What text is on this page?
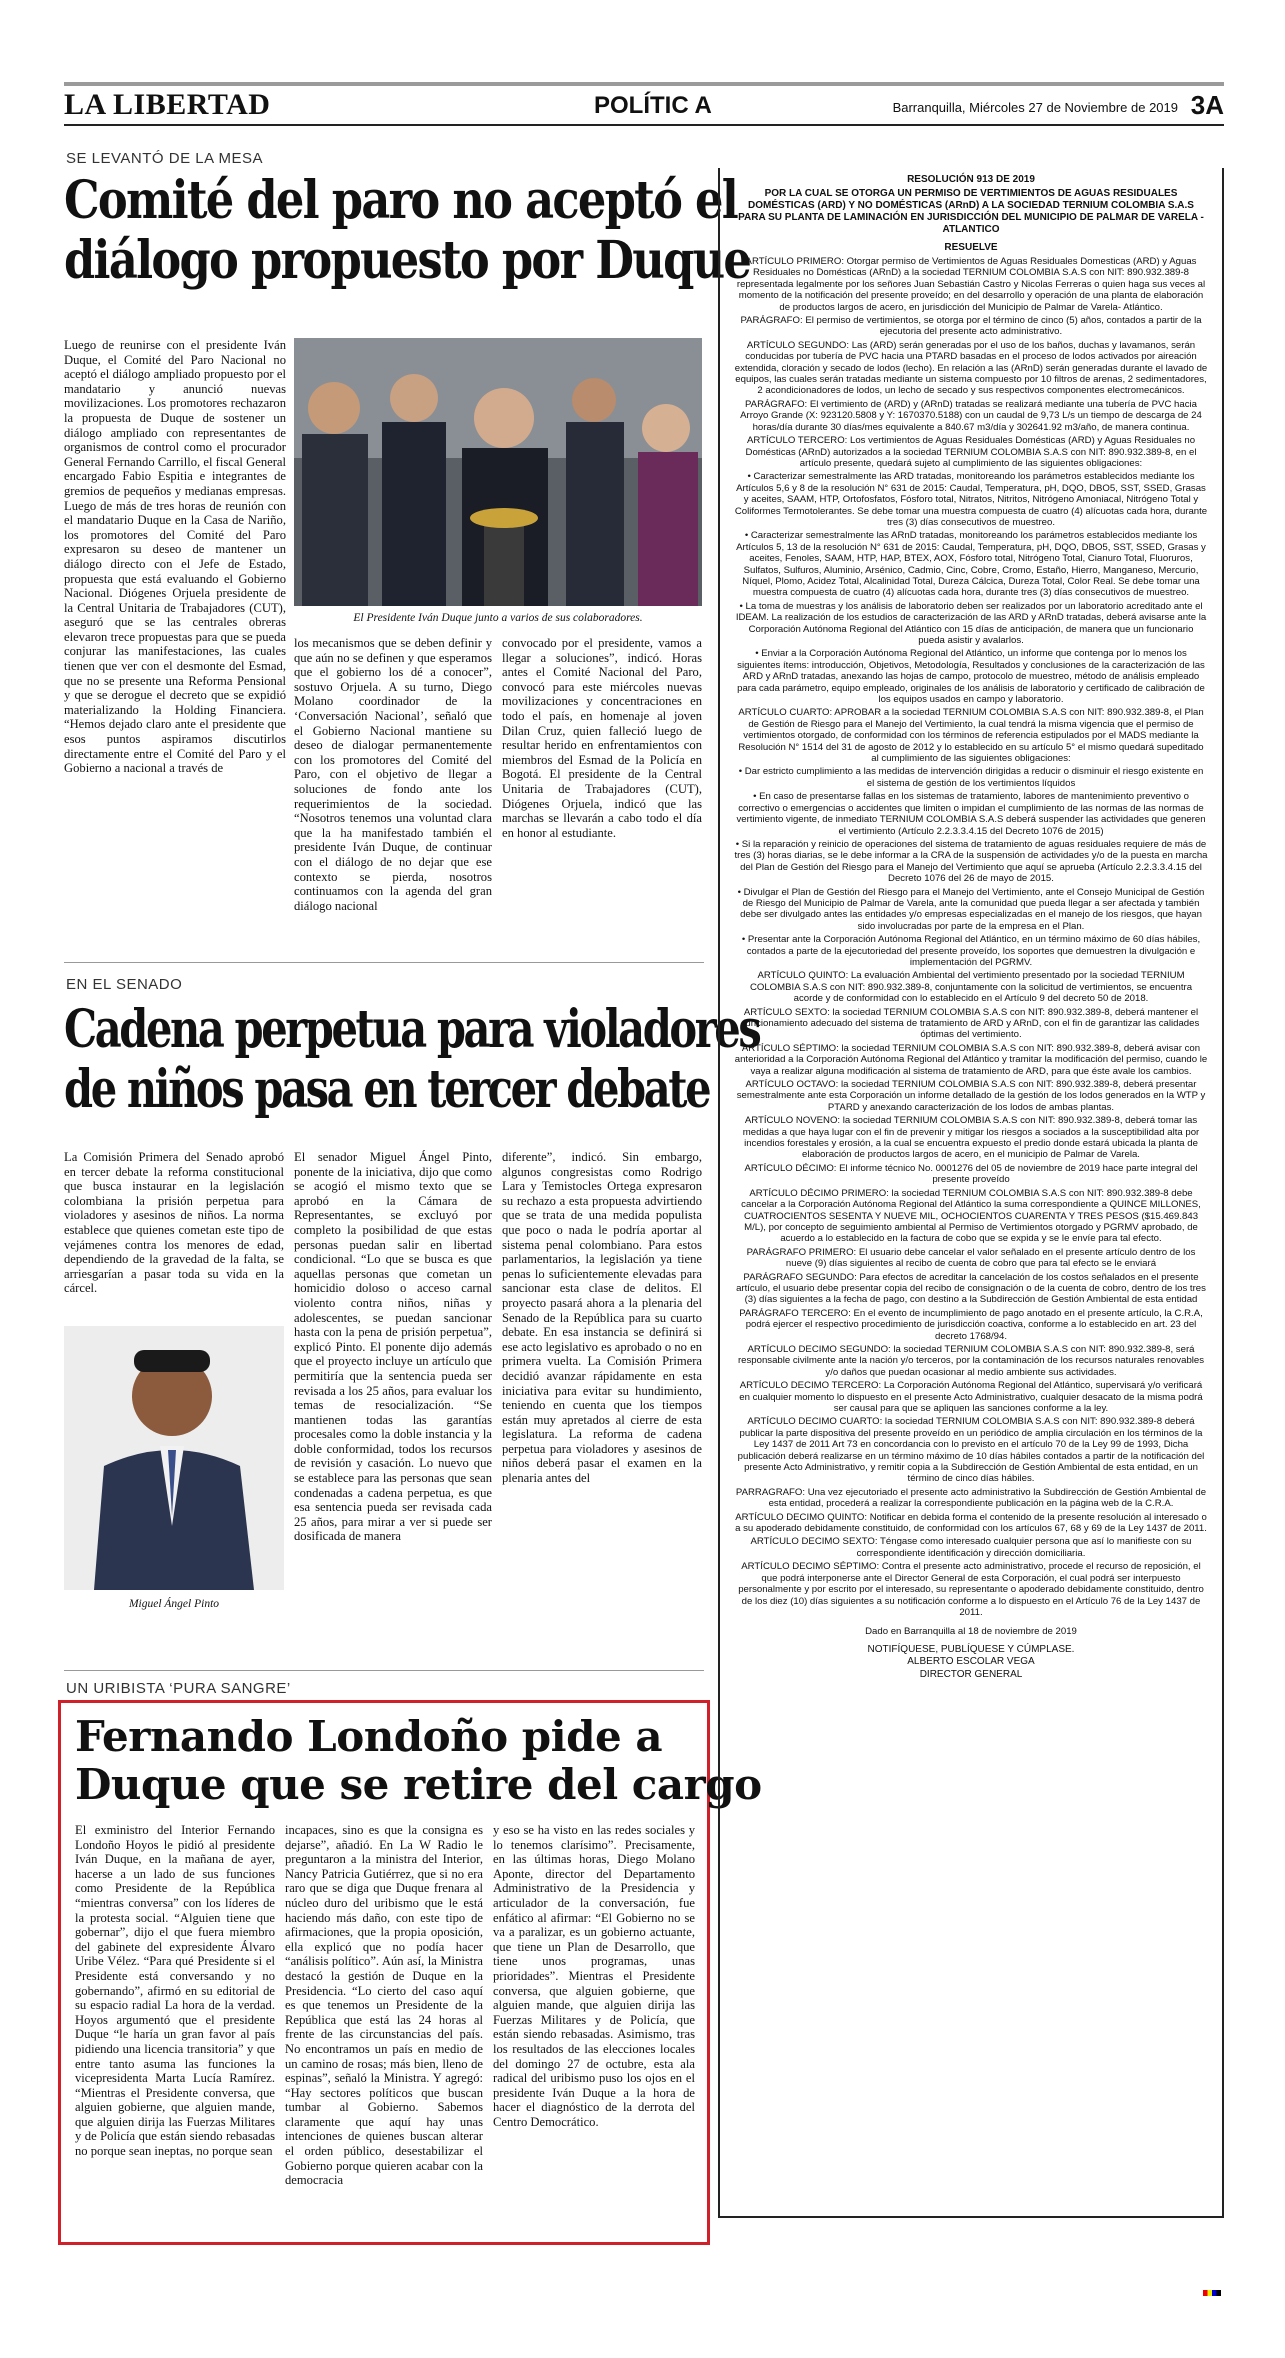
LA LIBERTAD	POLÍTIC A	Barranquilla, Miércoles 27 de Noviembre de 2019 3A
SE LEVANTÓ DE LA MESA
Comité del paro no aceptó el
diálogo propuesto por Duque

Luego de reunirse con el presidente Iván Duque, el Comité del Paro Nacional no aceptó el diálogo ampliado propuesto por el mandatario y anunció nuevas movilizaciones. Los promotores rechazaron la propuesta de Duque de sostener un diálogo ampliado con representantes de organismos de control como el procurador General Fernando Carrillo, el fiscal General encargado Fabio Espitia e integrantes de gremios de pequeños y medianas empresas. Luego de más de tres horas de reunión con el mandatario Duque en la Casa de Nariño, los promotores del Comité del Paro expresaron su deseo de mantener un diálogo directo con el Jefe de Estado, propuesta que está evaluando el Gobierno Nacional. Diógenes Orjuela presidente de la Central Unitaria de Trabajadores (CUT), aseguró que se las centrales obreras elevaron trece propuestas para que se pueda conjurar las manifestaciones, las cuales tienen que ver con el desmonte del Esmad, que no se presente una Reforma Pensional y que se derogue el decreto que se expidió materializando la Holding Financiera. “Hemos dejado claro ante el presidente que esos puntos aspiramos discutirlos directamente entre el Comité del Paro y el Gobierno a nacional a través de

El Presidente Iván Duque junto a varios de sus colaboradores.

los mecanismos que se deben definir y que aún no se definen y que esperamos que el gobierno los dé a conocer”, sostuvo Orjuela. A su turno, Diego Molano coordinador de la ‘Conversación Nacional’, señaló que el Gobierno Nacional mantiene su deseo de dialogar permanentemente con los promotores del Comité del Paro, con el objetivo de llegar a soluciones de fondo ante los requerimientos de la sociedad. “Nosotros tenemos una voluntad clara que la ha manifestado también el presidente Iván Duque, de continuar con el diálogo de no dejar que ese contexto se pierda, nosotros continuamos con la agenda del gran diálogo nacional

convocado por el presidente, vamos a llegar a soluciones”, indicó. Horas antes el Comité Nacional del Paro, convocó para este miércoles nuevas movilizaciones y concentraciones en todo el país, en homenaje al joven Dilan Cruz, quien falleció luego de resultar herido en enfrentamientos con miembros del Esmad de la Policía en Bogotá. El presidente de la Central Unitaria de Trabajadores (CUT), Diógenes Orjuela, indicó que las marchas se llevarán a cabo todo el día en honor al estudiante.

EN EL SENADO
Cadena perpetua para violadores
de niños pasa en tercer debate

La Comisión Primera del Senado aprobó en tercer debate la reforma constitucional que busca instaurar en la legislación colombiana la prisión perpetua para violadores y asesinos de niños. La norma establece que quienes cometan este tipo de vejámenes contra los menores de edad, dependiendo de la gravedad de la falta, se arriesgarían a pasar toda su vida en la cárcel.

Miguel Ángel Pinto

El senador Miguel Ángel Pinto, ponente de la iniciativa, dijo que como se acogió el mismo texto que se aprobó en la Cámara de Representantes, se excluyó por completo la posibilidad de que estas personas puedan salir en libertad condicional. “Lo que se busca es que aquellas personas que cometan un homicidio doloso o acceso carnal violento contra niños, niñas y adolescentes, se puedan sancionar hasta con la pena de prisión perpetua”, explicó Pinto. El ponente dijo además que el proyecto incluye un artículo que permitiría que la sentencia pueda ser revisada a los 25 años, para evaluar los temas de resocialización. “Se mantienen todas las garantías procesales como la doble instancia y la doble conformidad, todos los recursos de revisión y casación. Lo nuevo que se establece para las personas que sean condenadas a cadena perpetua, es que esa sentencia pueda ser revisada cada 25 años, para mirar a ver si puede ser dosificada de manera

diferente”, indicó. Sin embargo, algunos congresistas como Rodrigo Lara y Temistocles Ortega expresaron su rechazo a esta propuesta advirtiendo que se trata de una medida populista que poco o nada le podría aportar al sistema penal colombiano. Para estos parlamentarios, la legislación ya tiene penas lo suficientemente elevadas para sancionar esta clase de delitos. El proyecto pasará ahora a la plenaria del Senado de la República para su cuarto debate. En esa instancia se definirá si ese acto legislativo es aprobado o no en primera vuelta. La Comisión Primera decidió avanzar rápidamente en esta iniciativa para evitar su hundimiento, teniendo en cuenta que los tiempos están muy apretados al cierre de esta legislatura. La reforma de cadena perpetua para violadores y asesinos de niños deberá pasar el examen en la plenaria antes del

UN URIBISTA ‘PURA SANGRE’
Fernando Londoño pide a
Duque que se retire del cargo

El exministro del Interior Fernando Londoño Hoyos le pidió al presidente Iván Duque, en la mañana de ayer, hacerse a un lado de sus funciones como Presidente de la República “mientras conversa” con los líderes de la protesta social. “Alguien tiene que gobernar”, dijo el que fuera miembro del gabinete del expresidente Álvaro Uribe Vélez. “Para qué Presidente si el Presidente está conversando y no gobernando”, afirmó en su editorial de su espacio radial La hora de la verdad. Hoyos argumentó que el presidente Duque “le haría un gran favor al país pidiendo una licencia transitoria” y que entre tanto asuma las funciones la vicepresidenta Marta Lucía Ramírez. “Mientras el Presidente conversa, que alguien gobierne, que alguien mande, que alguien dirija las Fuerzas Militares y de Policía que están siendo rebasadas no porque sean ineptas, no porque sean

incapaces, sino es que la consigna es dejarse”, añadió. En La W Radio le preguntaron a la ministra del Interior, Nancy Patricia Gutiérrez, que si no era raro que se diga que Duque frenara al núcleo duro del uribismo que le está haciendo más daño, con este tipo de afirmaciones, que la propia oposición, ella explicó que no podía hacer “análisis político”. Aún así, la Ministra destacó la gestión de Duque en la Presidencia. “Lo cierto del caso aquí es que tenemos un Presidente de la República que está las 24 horas al frente de las circunstancias del país. No encontramos un país en medio de un camino de rosas; más bien, lleno de espinas”, señaló la Ministra. Y agregó: “Hay sectores políticos que buscan tumbar al Gobierno. Sabemos claramente que aquí hay unas intenciones de quienes buscan alterar el orden público, desestabilizar el Gobierno porque quieren acabar con la democracia

y eso se ha visto en las redes sociales y lo tenemos clarísimo”. Precisamente, en las últimas horas, Diego Molano Aponte, director del Departamento Administrativo de la Presidencia y articulador de la conversación, fue enfático al afirmar: “El Gobierno no se va a paralizar, es un gobierno actuante, que tiene un Plan de Desarrollo, que tiene unos programas, unas prioridades”. Mientras el Presidente conversa, que alguien gobierne, que alguien mande, que alguien dirija las Fuerzas Militares y de Policía, que están siendo rebasadas. Asimismo, tras los resultados de las elecciones locales del domingo 27 de octubre, esta ala radical del uribismo puso los ojos en el presidente Iván Duque a la hora de hacer el diagnóstico de la derrota del Centro Democrático.

RESOLUCIÓN 913 DE 2019

POR LA CUAL SE OTORGA UN PERMISO DE VERTIMIENTOS DE AGUAS RESIDUALES DOMÉSTICAS (ARD) Y NO DOMÉSTICAS (ARnD) A LA SOCIEDAD TERNIUM COLOMBIA S.A.S PARA SU PLANTA DE LAMINACIÓN EN JURISDICCIÓN DEL MUNICIPIO DE PALMAR DE VARELA -ATLANTICO

RESUELVE

ARTÍCULO PRIMERO: Otorgar permiso de Vertimientos de Aguas Residuales Domesticas (ARD) y Aguas Residuales no Domésticas (ARnD) a la sociedad TERNIUM COLOMBIA S.A.S con NIT: 890.932.389-8 representada legalmente por los señores Juan Sebastián Castro y Nicolas Ferreras o quien haga sus veces al momento de la notificación del presente proveído; en del desarrollo y operación de una planta de elaboración de productos largos de acero, en jurisdicción del Municipio de Palmar de Varela- Atlántico.

PARÁGRAFO: El permiso de vertimientos, se otorga por el término de cinco (5) años, contados a partir de la ejecutoria del presente acto administrativo.

ARTÍCULO SEGUNDO: Las (ARD) serán generadas por el uso de los baños, duchas y lavamanos, serán conducidas por tubería de PVC hacia una PTARD basadas en el proceso de lodos activados por aireación extendida, cloración y secado de lodos (lecho). En relación a las (ARnD) serán generadas durante el lavado de equipos, las cuales serán tratadas mediante un sistema compuesto por 10 filtros de arenas, 2 sedimentadores, 2 acondicionadores de lodos, un lecho de secado y sus respectivos componentes electromecánicos.

PARÁGRAFO: El vertimiento de (ARD) y (ARnD) tratadas se realizará mediante una tubería de PVC hacia Arroyo Grande (X: 923120.5808 y Y: 1670370.5188) con un caudal de 9,73 L/s un tiempo de descarga de 24 horas/día durante 30 días/mes equivalente a 840.67 m3/día y 302641.92 m3/año, de manera continua.

ARTÍCULO TERCERO: Los vertimientos de Aguas Residuales Domésticas (ARD) y Aguas Residuales no Domésticas (ARnD) autorizados a la sociedad TERNIUM COLOMBIA S.A.S con NIT: 890.932.389-8, en el artículo presente, quedará sujeto al cumplimiento de las siguientes obligaciones:

• Caracterizar semestralmente las ARD tratadas, monitoreando los parámetros establecidos mediante los Artículos 5,6 y 8 de la resolución N° 631 de 2015: Caudal, Temperatura, pH, DQO, DBO5, SST, SSED, Grasas y aceites, SAAM, HTP, Ortofosfatos, Fósforo total, Nitratos, Nitritos, Nitrógeno Amoniacal, Nitrógeno Total y Coliformes Termotolerantes. Se debe tomar una muestra compuesta de cuatro (4) alícuotas cada hora, durante tres (3) días consecutivos de muestreo.

• Caracterizar semestralmente las ARnD tratadas, monitoreando los parámetros establecidos mediante los Artículos 5, 13 de la resolución N° 631 de 2015: Caudal, Temperatura, pH, DQO, DBO5, SST, SSED, Grasas y aceites, Fenoles, SAAM, HTP, HAP, BTEX, AOX, Fósforo total, Nitrógeno Total, Cianuro Total, Fluoruros, Sulfatos, Sulfuros, Aluminio, Arsénico, Cadmio, Cinc, Cobre, Cromo, Estaño, Hierro, Manganeso, Mercurio, Níquel, Plomo, Acidez Total, Alcalinidad Total, Dureza Cálcica, Dureza Total, Color Real. Se debe tomar una muestra compuesta de cuatro (4) alícuotas cada hora, durante tres (3) días consecutivos de muestreo.

• La toma de muestras y los análisis de laboratorio deben ser realizados por un laboratorio acreditado ante el IDEAM. La realización de los estudios de caracterización de las ARD y ARnD tratadas, deberá avisarse ante la Corporación Autónoma Regional del Atlántico con 15 días de anticipación, de manera que un funcionario pueda asistir y avalarlos.

• Enviar a la Corporación Autónoma Regional del Atlántico, un informe que contenga por lo menos los siguientes ítems: introducción, Objetivos, Metodología, Resultados y conclusiones de la caracterización de las ARD y ARnD tratadas, anexando las hojas de campo, protocolo de muestreo, método de análisis empleado para cada parámetro, equipo empleado, originales de los análisis de laboratorio y certificado de calibración de los equipos usados en campo y laboratorio.

ARTÍCULO CUARTO: APROBAR a la sociedad TERNIUM COLOMBIA S.A.S con NIT: 890.932.389-8, el Plan de Gestión de Riesgo para el Manejo del Vertimiento, la cual tendrá la misma vigencia que el permiso de vertimientos otorgado, de conformidad con los términos de referencia estipulados por el MADS mediante la Resolución N° 1514 del 31 de agosto de 2012 y lo establecido en su artículo 5° el mismo quedará supeditado al cumplimiento de las siguientes obligaciones:

• Dar estricto cumplimiento a las medidas de intervención dirigidas a reducir o disminuir el riesgo existente en el sistema de gestión de los vertimientos líquidos

• En caso de presentarse fallas en los sistemas de tratamiento, labores de mantenimiento preventivo o correctivo o emergencias o accidentes que limiten o impidan el cumplimiento de las normas de las normas de vertimiento vigente, de inmediato TERNIUM COLOMBIA S.A.S deberá suspender las actividades que generen el vertimiento (Artículo 2.2.3.3.4.15 del Decreto 1076 de 2015)

• Si la reparación y reinicio de operaciones del sistema de tratamiento de aguas residuales requiere de más de tres (3) horas diarias, se le debe informar a la CRA de la suspensión de actividades y/o de la puesta en marcha del Plan de Gestión del Riesgo para el Manejo del Vertimiento que aquí se aprueba (Artículo 2.2.3.3.4.15 del Decreto 1076 del 26 de mayo de 2015.

• Divulgar el Plan de Gestión del Riesgo para el Manejo del Vertimiento, ante el Consejo Municipal de Gestión de Riesgo del Municipio de Palmar de Varela, ante la comunidad que pueda llegar a ser afectada y también debe ser divulgado antes las entidades y/o empresas especializadas en el manejo de los riesgos, que hayan sido involucradas por parte de la empresa en el Plan.

• Presentar ante la Corporación Autónoma Regional del Atlántico, en un término máximo de 60 días hábiles, contados a parte de la ejecutoriedad del presente proveído, los soportes que demuestren la divulgación e implementación del PGRMV.

ARTÍCULO QUINTO: La evaluación Ambiental del vertimiento presentado por la sociedad TERNIUM COLOMBIA S.A.S con NIT: 890.932.389-8, conjuntamente con la solicitud de vertimientos, se encuentra acorde y de conformidad con lo establecido en el Artículo 9 del decreto 50 de 2018.

ARTÍCULO SEXTO: la sociedad TERNIUM COLOMBIA S.A.S con NIT: 890.932.389-8, deberá mantener el funcionamiento adecuado del sistema de tratamiento de ARD y ARnD, con el fin de garantizar las calidades óptimas del vertimiento.

ARTÍCULO SÉPTIMO: la sociedad TERNIUM COLOMBIA S.A.S con NIT: 890.932.389-8, deberá avisar con anterioridad a la Corporación Autónoma Regional del Atlántico y tramitar la modificación del permiso, cuando le vaya a realizar alguna modificación al sistema de tratamiento de ARD, para que éste avale los cambios.

ARTÍCULO OCTAVO: la sociedad TERNIUM COLOMBIA S.A.S con NIT: 890.932.389-8, deberá presentar semestralmente ante esta Corporación un informe detallado de la gestión de los lodos generados en la WTP y PTARD y anexando caracterización de los lodos de ambas plantas.

ARTÍCULO NOVENO: la sociedad TERNIUM COLOMBIA S.A.S con NIT: 890.932.389-8, deberá tomar las medidas a que haya lugar con el fin de prevenir y mitigar los riesgos a sociados a la susceptibilidad alta por incendios forestales y erosión, a la cual se encuentra expuesto el predio donde estará ubicada la planta de elaboración de productos largos de acero, en el municipio de Palmar de Varela.

ARTÍCULO DÉCIMO: El informe técnico No. 0001276 del 05 de noviembre de 2019 hace parte integral del presente proveído

ARTÍCULO DÉCIMO PRIMERO: la sociedad TERNIUM COLOMBIA S.A.S con NIT: 890.932.389-8 debe cancelar a la Corporación Autónoma Regional del Atlántico la suma correspondiente a QUINCE MILLONES, CUATROCIENTOS SESENTA Y NUEVE MIL, OCHOCIENTOS CUARENTA Y TRES PESOS ($15.469.843 M/L), por concepto de seguimiento ambiental al Permiso de Vertimientos otorgado y PGRMV aprobado, de acuerdo a lo establecido en la factura de cobo que se expida y se le envíe para tal efecto.

PARÁGRAFO PRIMERO: El usuario debe cancelar el valor señalado en el presente artículo dentro de los nueve (9) días siguientes al recibo de cuenta de cobro que para tal efecto se le enviará

PARÁGRAFO SEGUNDO: Para efectos de acreditar la cancelación de los costos señalados en el presente artículo, el usuario debe presentar copia del recibo de consignación o de la cuenta de cobro, dentro de los tres (3) días siguientes a la fecha de pago, con destino a la Subdirección de Gestión Ambiental de esta entidad

PARÁGRAFO TERCERO: En el evento de incumplimiento de pago anotado en el presente artículo, la C.R.A, podrá ejercer el respectivo procedimiento de jurisdicción coactiva, conforme a lo establecido en art. 23 del decreto 1768/94.

ARTÍCULO DECIMO SEGUNDO: la sociedad TERNIUM COLOMBIA S.A.S con NIT: 890.932.389-8, será responsable civilmente ante la nación y/o terceros, por la contaminación de los recursos naturales renovables y/o daños que puedan ocasionar al medio ambiente sus actividades.

ARTÍCULO DECIMO TERCERO: La Corporación Autónoma Regional del Atlántico, supervisará y/o verificará en cualquier momento lo dispuesto en el presente Acto Administrativo, cualquier desacato de la misma podrá ser causal para que se apliquen las sanciones conforme a la ley.

ARTÍCULO DECIMO CUARTO: la sociedad TERNIUM COLOMBIA S.A.S con NIT: 890.932.389-8 deberá publicar la parte dispositiva del presente proveído en un periódico de amplia circulación en los términos de la Ley 1437 de 2011 Art 73 en concordancia con lo previsto en el artículo 70 de la Ley 99 de 1993, Dicha publicación deberá realizarse en un término máximo de 10 días hábiles contados a partir de la notificación del presente Acto Administrativo, y remitir copia a la Subdirección de Gestión Ambiental de esta entidad, en un término de cinco días hábiles.

PARRAGRAFO: Una vez ejecutoriado el presente acto administrativo la Subdirección de Gestión Ambiental de esta entidad, procederá a realizar la correspondiente publicación en la página web de la C.R.A.

ARTÍCULO DECIMO QUINTO: Notificar en debida forma el contenido de la presente resolución al interesado o a su apoderado debidamente constituido, de conformidad con los artículos 67, 68 y 69 de la Ley 1437 de 2011.

ARTÍCULO DECIMO SEXTO: Téngase como interesado cualquier persona que así lo manifieste con su correspondiente identificación y dirección domiciliaria.

ARTÍCULO DECIMO SÉPTIMO: Contra el presente acto administrativo, procede el recurso de reposición, el que podrá interponerse ante el Director General de esta Corporación, el cual podrá ser interpuesto personalmente y por escrito por el interesado, su representante o apoderado debidamente constituido, dentro de los diez (10) días siguientes a su notificación conforme a lo dispuesto en el Artículo 76 de la Ley 1437 de 2011.

Dado en Barranquilla al 18 de noviembre de 2019

NOTIFÍQUESE, PUBLÍQUESE Y CÚMPLASE.
ALBERTO ESCOLAR VEGA
DIRECTOR GENERAL
